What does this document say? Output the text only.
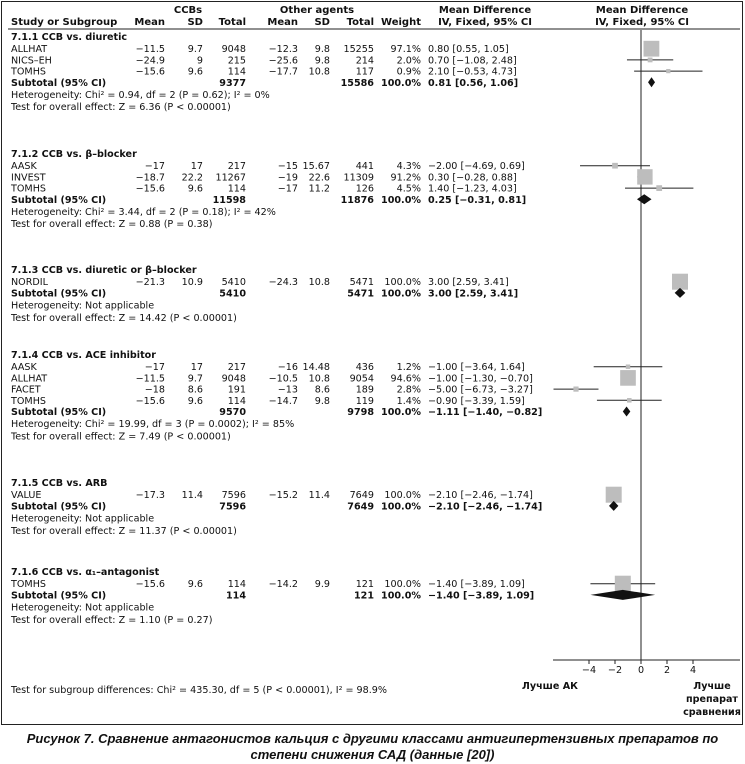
CCBs	Other agents	Mean Difference	Mean Difference
Study or Subgroup Mean SD Total Mean SD Total Weight IV, Fixed, 95% CI	IV, Fixed, 95% CI
7.1.1 CCB vs. diuretic
ALLHAT	−11.5 9.7 9048 −12.3 9.8 15255 97.1% 0.80 [0.55, 1.05]
NICS–EH	−24.9	9	215 −25.6 9.8	214 2.0% 0.70 [−1.08, 2.48]
TOMHS	−15.6 9.6	114 −17.7 10.8	117 0.9% 2.10 [−0.53, 4.73]
Subtotal (95% CI)	9377	15586 100.0% 0.81 [0.56, 1.06]
Heterogeneity: Chi² = 0.94, df = 2 (P = 0.62); I² = 0%
Test for overall effect: Z = 6.36 (P < 0.00001)
7.1.2 CCB vs. β–blocker
AASK	−17	17	217	−15 15.67	441 4.3% −2.00 [−4.69, 0.69]
INVEST	−18.7 22.2 11267	−19 22.6 11309 91.2% 0.30 [−0.28, 0.88]
TOMHS	−15.6 9.6	114	−17 11.2	126 4.5% 1.40 [−1.23, 4.03]
Subtotal (95% CI)	11598	11876 100.0% 0.25 [−0.31, 0.81]
Heterogeneity: Chi² = 3.44, df = 2 (P = 0.18); I² = 42%
Test for overall effect: Z = 0.88 (P = 0.38)
7.1.3 CCB vs. diuretic or β–blocker
NORDIL	−21.3 10.9 5410 −24.3 10.8 5471 100.0% 3.00 [2.59, 3.41]
Subtotal (95% CI)	5410	5471 100.0% 3.00 [2.59, 3.41]
Heterogeneity: Not applicable
Test for overall effect: Z = 14.42 (P < 0.00001)
7.1.4 CCB vs. ACE inhibitor
AASK	−17	17	217	−16 14.48	436 1.2% −1.00 [−3.64, 1.64]
ALLHAT	−11.5 9.7 9048 −10.5 10.8 9054 94.6% −1.00 [−1.30, −0.70]
FACET	−18 8.6	191	−13 8.6	189 2.8% −5.00 [−6.73, −3.27]
TOMHS	−15.6 9.6	114 −14.7 9.8	119 1.4% −0.90 [−3.39, 1.59]
Subtotal (95% CI)	9570	9798 100.0% −1.11 [−1.40, −0.82]
Heterogeneity: Chi² = 19.99, df = 3 (P = 0.0002); I² = 85%
Test for overall effect: Z = 7.49 (P < 0.00001)
7.1.5 CCB vs. ARB
VALUE	−17.3 11.4 7596 −15.2 11.4 7649 100.0% −2.10 [−2.46, −1.74]
Subtotal (95% CI)	7596	7649 100.0% −2.10 [−2.46, −1.74]
Heterogeneity: Not applicable
Test for overall effect: Z = 11.37 (P < 0.00001)
7.1.6 CCB vs. α₁–antagonist
TOMHS	−15.6 9.6	114 −14.2 9.9	121 100.0% −1.40 [−3.89, 1.09]
Subtotal (95% CI)	114	121 100.0% −1.40 [−3.89, 1.09]
Heterogeneity: Not applicable
Test for overall effect: Z = 1.10 (P = 0.27)
−4 −2 0 2 4
Test for subgroup differences: Chi² = 435.30, df = 5 (P < 0.00001), I² = 98.9%	Лучше АК	Лучше
препарат
сравнения
Рисунок 7. Сравнение антагонистов кальция с другими классами антигипертензивных препаратов по
степени снижения САД (данные [20])
